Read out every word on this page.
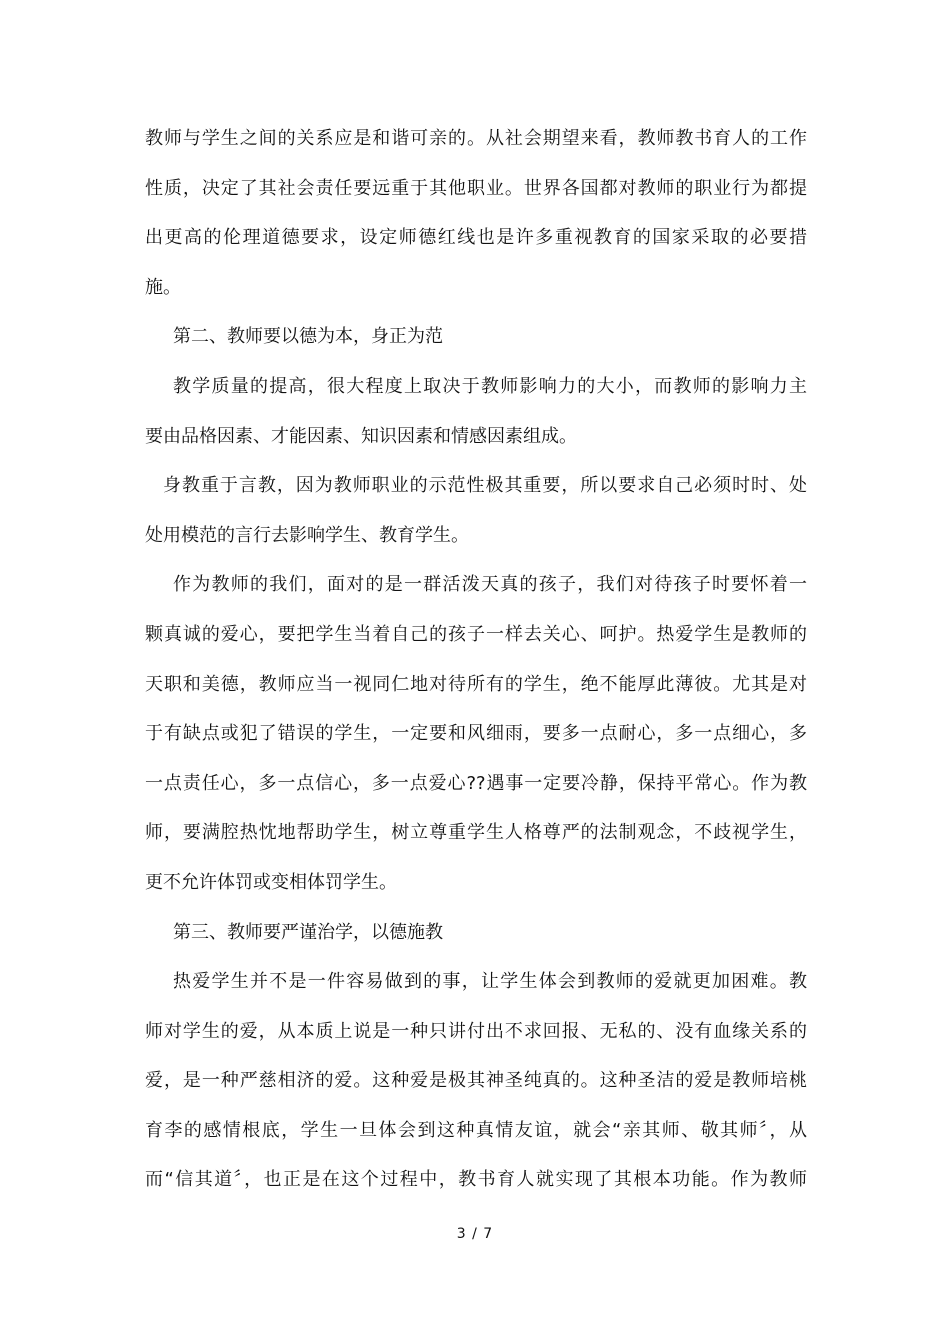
教师与学生之间的关系应是和谐可亲的。从社会期望来看，教师教书育人的工作
性质，决定了其社会责任要远重于其他职业。世界各国都对教师的职业行为都提
出更高的伦理道德要求，设定师德红线也是许多重视教育的国家采取的必要措
施。
第二、教师要以德为本，身正为范
教学质量的提高，很大程度上取决于教师影响力的大小，而教师的影响力主
要由品格因素、才能因素、知识因素和情感因素组成。
身教重于言教，因为教师职业的示范性极其重要，所以要求自己必须时时、处
处用模范的言行去影响学生、教育学生。
作为教师的我们，面对的是一群活泼天真的孩子，我们对待孩子时要怀着一
颗真诚的爱心，要把学生当着自己的孩子一样去关心、呵护。热爱学生是教师的
天职和美德，教师应当一视同仁地对待所有的学生，绝不能厚此薄彼。尤其是对
于有缺点或犯了错误的学生，一定要和风细雨，要多一点耐心，多一点细心，多
一点责任心，多一点信心，多一点爱心??遇事一定要冷静，保持平常心。作为教
师，要满腔热忱地帮助学生，树立尊重学生人格尊严的法制观念，不歧视学生，
更不允许体罚或变相体罚学生。
第三、教师要严谨治学，以德施教
热爱学生并不是一件容易做到的事，让学生体会到教师的爱就更加困难。教
师对学生的爱，从本质上说是一种只讲付出不求回报、无私的、没有血缘关系的
爱，是一种严慈相济的爱。这种爱是极其神圣纯真的。这种圣洁的爱是教师培桃
育李的感情根底，学生一旦体会到这种真情友谊，就会“亲其师、敬其师〞，从
而“信其道〞，也正是在这个过程中，教书育人就实现了其根本功能。作为教师
3 / 7
